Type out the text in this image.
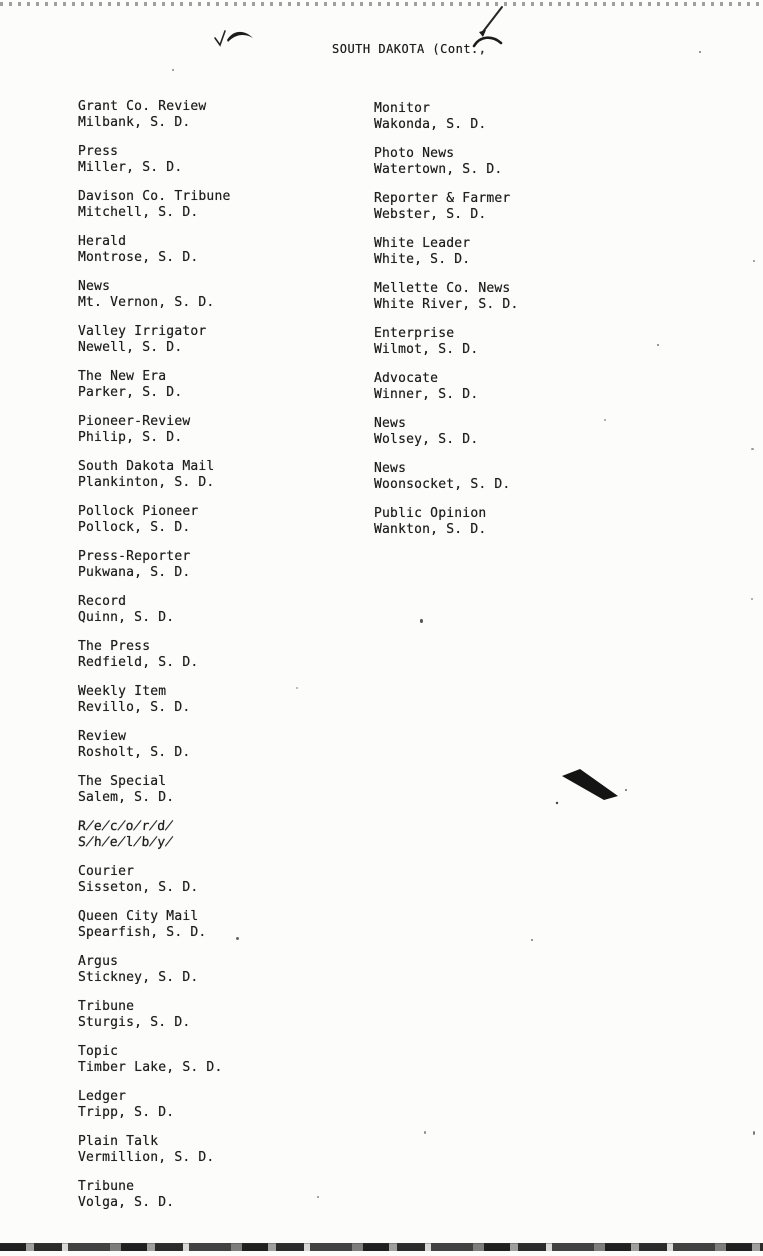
SOUTH DAKOTA (Cont.,
Grant Co. Review
Milbank, S. D.
Press
Miller, S. D.
Davison Co. Tribune
Mitchell, S. D.
Herald
Montrose, S. D.
News
Mt. Vernon, S. D.
Valley Irrigator
Newell, S. D.
The New Era
Parker, S. D.
Pioneer-Review
Philip, S. D.
South Dakota Mail
Plankinton, S. D.
Pollock Pioneer
Pollock, S. D.
Press-Reporter
Pukwana, S. D.
Record
Quinn, S. D.
The Press
Redfield, S. D.
Weekly Item
Revillo, S. D.
Review
Rosholt, S. D.
The Special
Salem, S. D.
R̸e̸c̸o̸r̸d̸
S̸h̸e̸l̸b̸y̸
Courier
Sisseton, S. D.
Queen City Mail
Spearfish, S. D.
Argus
Stickney, S. D.
Tribune
Sturgis, S. D.
Topic
Timber Lake, S. D.
Ledger
Tripp, S. D.
Plain Talk
Vermillion, S. D.
Tribune
Volga, S. D.
Monitor
Wakonda, S. D.
Photo News
Watertown, S. D.
Reporter & Farmer
Webster, S. D.
White Leader
White, S. D.
Mellette Co. News
White River, S. D.
Enterprise
Wilmot, S. D.
Advocate
Winner, S. D.
News
Wolsey, S. D.
News
Woonsocket, S. D.
Public Opinion
Wankton, S. D.
